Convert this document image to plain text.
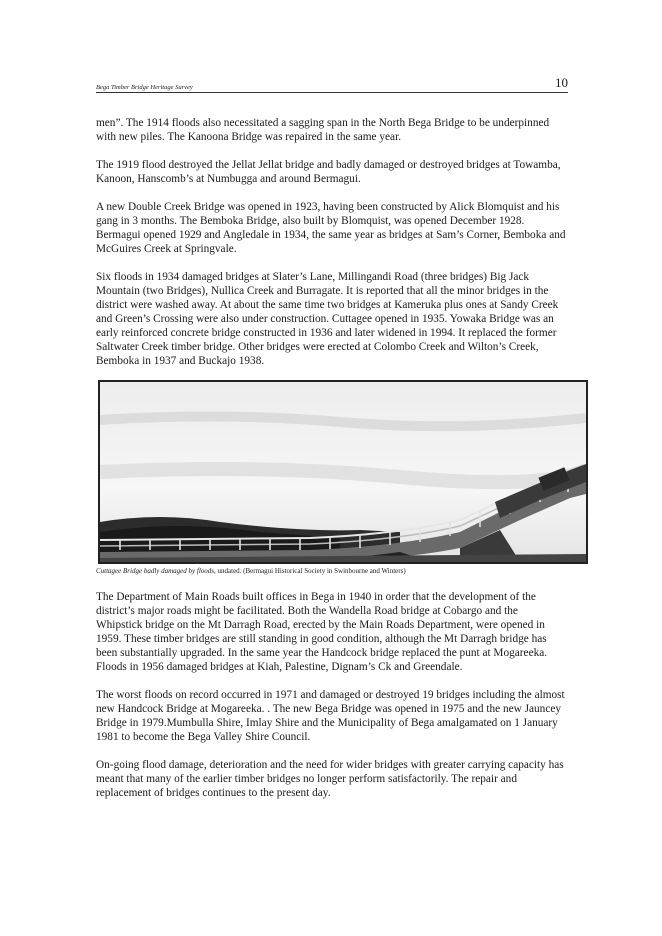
Bega Timber Bridge Heritage Survey	10

men”. The 1914 floods also necessitated a sagging span in the North Bega Bridge to be underpinned with new piles. The Kanoona Bridge was repaired in the same year.

The 1919 flood destroyed the Jellat Jellat bridge and badly damaged or destroyed bridges at Towamba, Kanoon, Hanscomb’s at Numbugga and around Bermagui.

A new Double Creek Bridge was opened in 1923, having been constructed by Alick Blomquist and his gang in 3 months. The Bemboka Bridge, also built by Blomquist, was opened December 1928. Bermagui opened 1929 and Angledale in 1934, the same year as bridges at Sam’s Corner, Bemboka and McGuires Creek at Springvale.

Six floods in 1934 damaged bridges at Slater’s Lane, Millingandi Road (three bridges) Big Jack Mountain (two Bridges), Nullica Creek and Burragate. It is reported that all the minor bridges in the district were washed away. At about the same time two bridges at Kameruka plus ones at Sandy Creek and Green’s Crossing were also under construction. Cuttagee opened in 1935. Yowaka Bridge was an early reinforced concrete bridge constructed in 1936 and later widened in 1994. It replaced the former Saltwater Creek timber bridge. Other bridges were erected at Colombo Creek and Wilton’s Creek, Bemboka in 1937 and Buckajo 1938.

Cuttagee Bridge badly damaged by floods, undated. (Bermagui Historical Society in Swinbourne and Winters)

The Department of Main Roads built offices in Bega in 1940 in order that the development of the district’s major roads might be facilitated. Both the Wandella Road bridge at Cobargo and the Whipstick bridge on the Mt Darragh Road, erected by the Main Roads Department, were opened in 1959. These timber bridges are still standing in good condition, although the Mt Darragh bridge has been substantially upgraded. In the same year the Handcock bridge replaced the punt at Mogareeka. Floods in 1956 damaged bridges at Kiah, Palestine, Dignam’s Ck and Greendale.

The worst floods on record occurred in 1971 and damaged or destroyed 19 bridges including the almost new Handcock Bridge at Mogareeka. . The new Bega Bridge was opened in 1975 and the new Jauncey Bridge in 1979.Mumbulla Shire, Imlay Shire and the Municipality of Bega amalgamated on 1 January 1981 to become the Bega Valley Shire Council.

On-going flood damage, deterioration and the need for wider bridges with greater carrying capacity has meant that many of the earlier timber bridges no longer perform satisfactorily. The repair and replacement of bridges continues to the present day.
